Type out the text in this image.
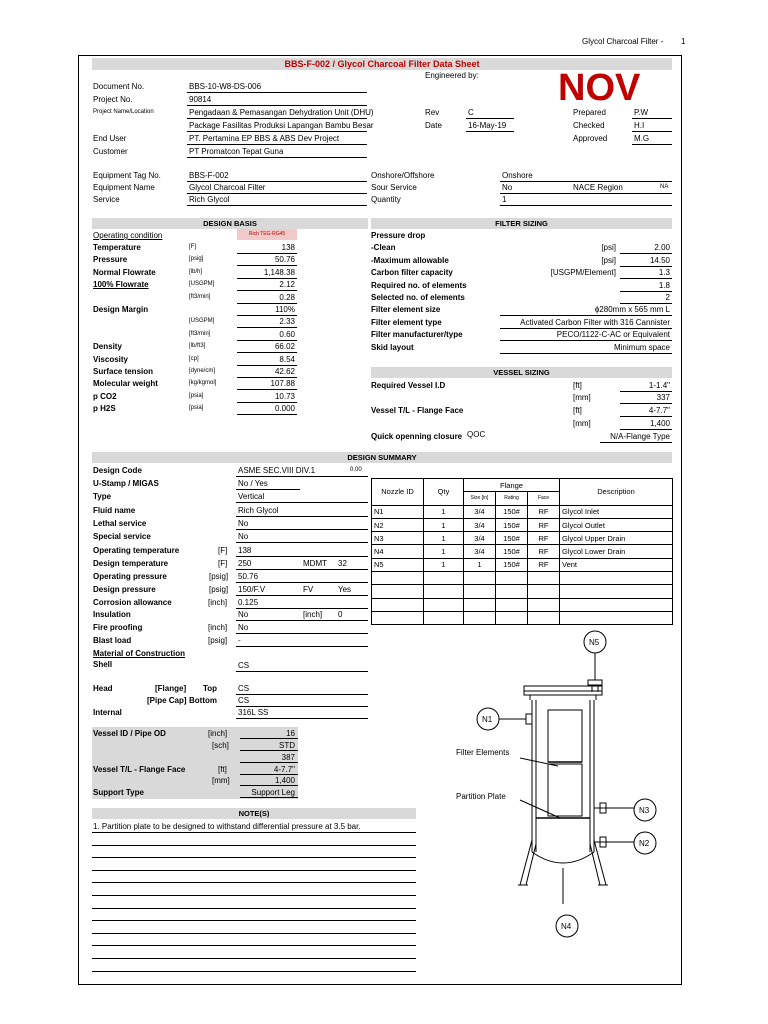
Glycol Charcoal Filter - 1
BBS-F-002 / Glycol Charcoal Filter Data Sheet
Engineered by: NOV
Document No.	BBS-10-W8-DS-006
Project No.	90814
Project Name/Location	Pengadaan & Pemasangan Dehydration Unit (DHU)
Package Fasilitas Produksi Lapangan Bambu Besar
End User	PT. Pertamina EP BBS & ABS Dev Project
Customer	PT Promatcon Tepat Guna
Rev	C
Date	16-May-19
Prepared	P.W
Checked	H.I
Approved	M.G
Equipment Tag No.	BBS-F-002
Equipment Name	Glycol Charcoal Filter
Service	Rich Glycol
Onshore/Offshore	Onshore
Sour Service	No	NACE Region	NA
Quantity	1
DESIGN BASIS
Operating condition	Rich TEG-RG45
Temperature	[F]	138
Pressure	[psig]	50.76
Normal Flowrate	[lb/h]	1,148.38
100% Flowrate	[USGPM]	2.12
[ft3/min]	0.28
Design Margin	110%
[USGPM]	2.33
[ft3/min]	0.60
Density	[lb/ft3]	66.02
Viscosity	[cp]	8.54
Surface tension	[dyne/cm]	42.62
Molecular weight	[kg/kgmol]	107.88
p CO2	[psia]	10.73
p H2S	[psia]	0.000
FILTER SIZING
Pressure drop
-Clean	[psi]	2.00
-Maximum allowable	[psi]	14.50
Carbon filter capacity	[USGPM/Element]	1.3
Required no. of elements	1.8
Selected no. of elements	2
Filter element size	ɸ280mm x 565 mm L
Filter element type	Activated Carbon Filter with 316 Cannister
Filter manufacturer/type	PECO/1122-C-AC or Equivalent
Skid layout	Minimum space
VESSEL SIZING
Required Vessel I.D	[ft]	1-1.4"
[mm]	337
Vessel T/L - Flange Face	[ft]	4-7.7"
[mm]	1,400
Quick openning closure QOC	N/A-Flange Type
DESIGN SUMMARY
Design Code	ASME SEC.VIII DIV.1	0.00
U-Stamp / MIGAS	No / Yes
Type	Vertical
Fluid name	Rich Glycol
Lethal service	No
Special service	No
Operating temperature	[F] 138
Design temperature	[F] 250	MDMT 32
Operating pressure	[psig] 50.76
Design pressure	[psig] 150/F.V	FV	Yes
Corrosion allowance	[inch] 0.125
Insulation	No	[inch] 0
Fire proofing	[inch] No
Blast load	[psig] -
Material of Construction
Shell	CS
Head	[Flange] Top	CS
[Pipe Cap] Bottom	CS
Internal	316L SS
Vessel ID / Pipe OD	[inch]	16
[sch]	STD
387
Vessel T/L - Flange Face	[ft]	4-7.7"
[mm]	1,400
Support Type	Support Leg
Nozzle ID	Qty	Flange			Description
		Size [in]	Rating	Face	
N1	1	3/4	150#	RF	Glycol Inlet
N2	1	3/4	150#	RF	Glycol Outlet
N3	1	3/4	150#	RF	Glycol Upper Drain
N4	1	3/4	150#	RF	Glycol Lower Drain
N5	1	1	150#	RF	Vent

NOTE(S)
1. Partition plate to be designed to withstand differential pressure at 3.5 bar.
N5
N1
N3
N2
N4
Filter Elements
Partition Plate
